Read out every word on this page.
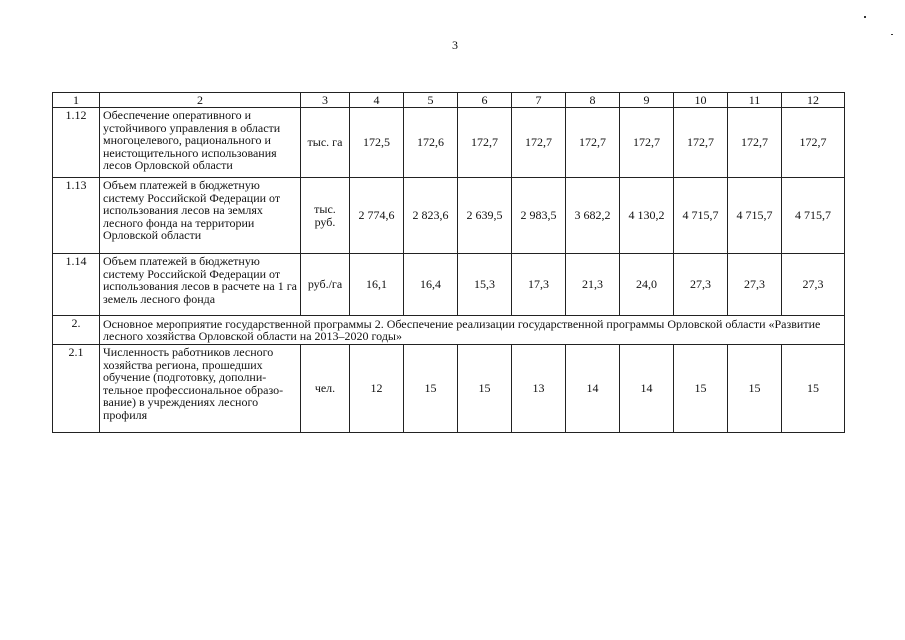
3
1	2	3	4	5	6	7	8	9	10	11	12
1.12	Обеспечение оперативного и устойчивого управления в области многоцелевого, рационального и неистощительного использования лесов Орловской области	тыс. га	172,5	172,6	172,7	172,7	172,7	172,7	172,7	172,7	172,7
1.13	Объем платежей в бюджетную систему Российской Федерации от использования лесов на землях лесного фонда на территории Орловской области	тыс. руб.	2 774,6	2 823,6	2 639,5	2 983,5	3 682,2	4 130,2	4 715,7	4 715,7	4 715,7
1.14	Объем платежей в бюджетную систему Российской Федерации от использования лесов в расчете на 1 га земель лесного фонда	руб./га	16,1	16,4	15,3	17,3	21,3	24,0	27,3	27,3	27,3
2.	Основное мероприятие государственной программы 2. Обеспечение реализации государственной программы Орловской области «Развитие лесного хозяйства Орловской области на 2013–2020 годы»										
2.1	Численность работников лесного хозяйства региона, прошедших обучение (подготовку, дополни-тельное профессиональное образо-вание) в учреждениях лесного профиля	чел.	12	15	15	13	14	14	15	15	15
